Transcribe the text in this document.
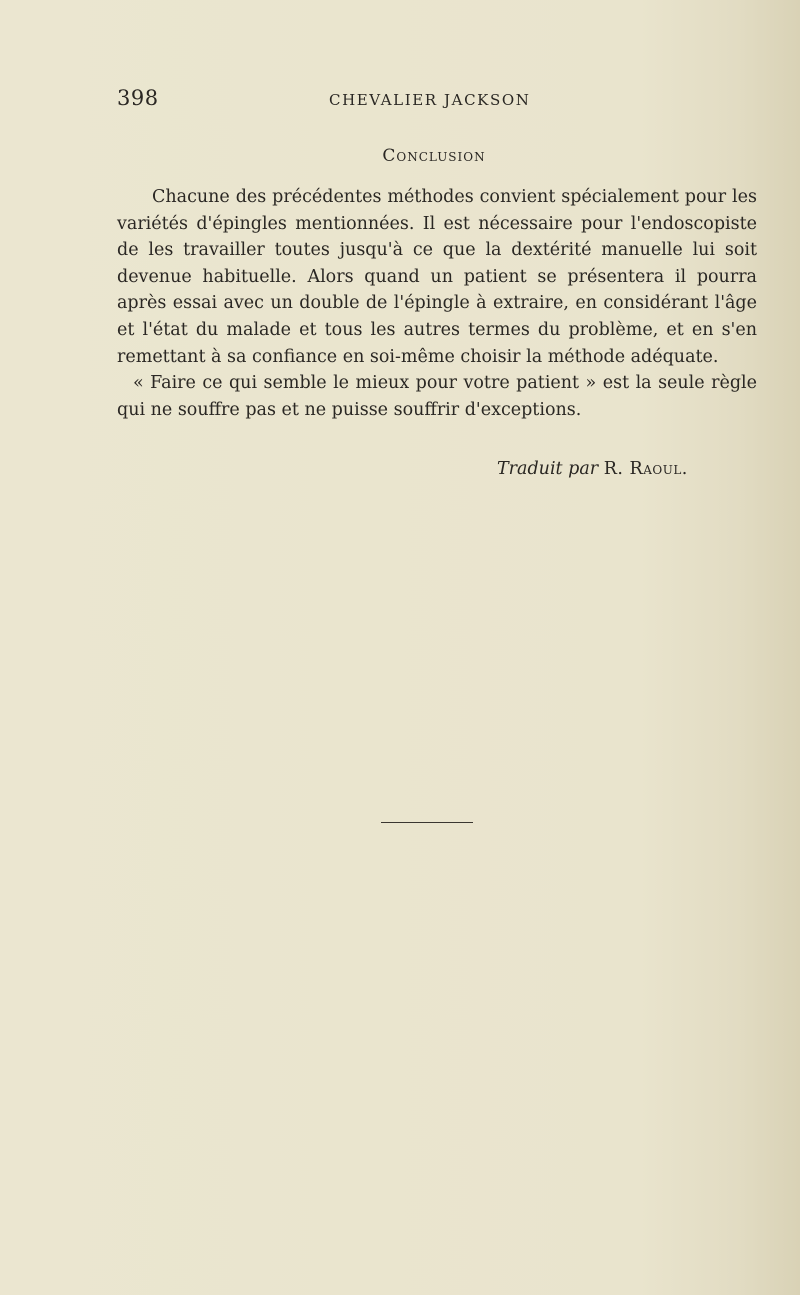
398	CHEVALIER JACKSON
Conclusion

Chacune des précédentes méthodes convient spécialement pour les variétés d'épingles mentionnées. Il est nécessaire pour l'endoscopiste de les travailler toutes jusqu'à ce que la dextérité manuelle lui soit devenue habituelle. Alors quand un patient se présentera il pourra après essai avec un double de l'épingle à extraire, en considérant l'âge et l'état du malade et tous les autres termes du problème, et en s'en remettant à sa confiance en soi-même choisir la méthode adéquate.

« Faire ce qui semble le mieux pour votre patient » est la seule règle qui ne souffre pas et ne puisse souffrir d'exceptions.

Traduit par R. Raoul.
